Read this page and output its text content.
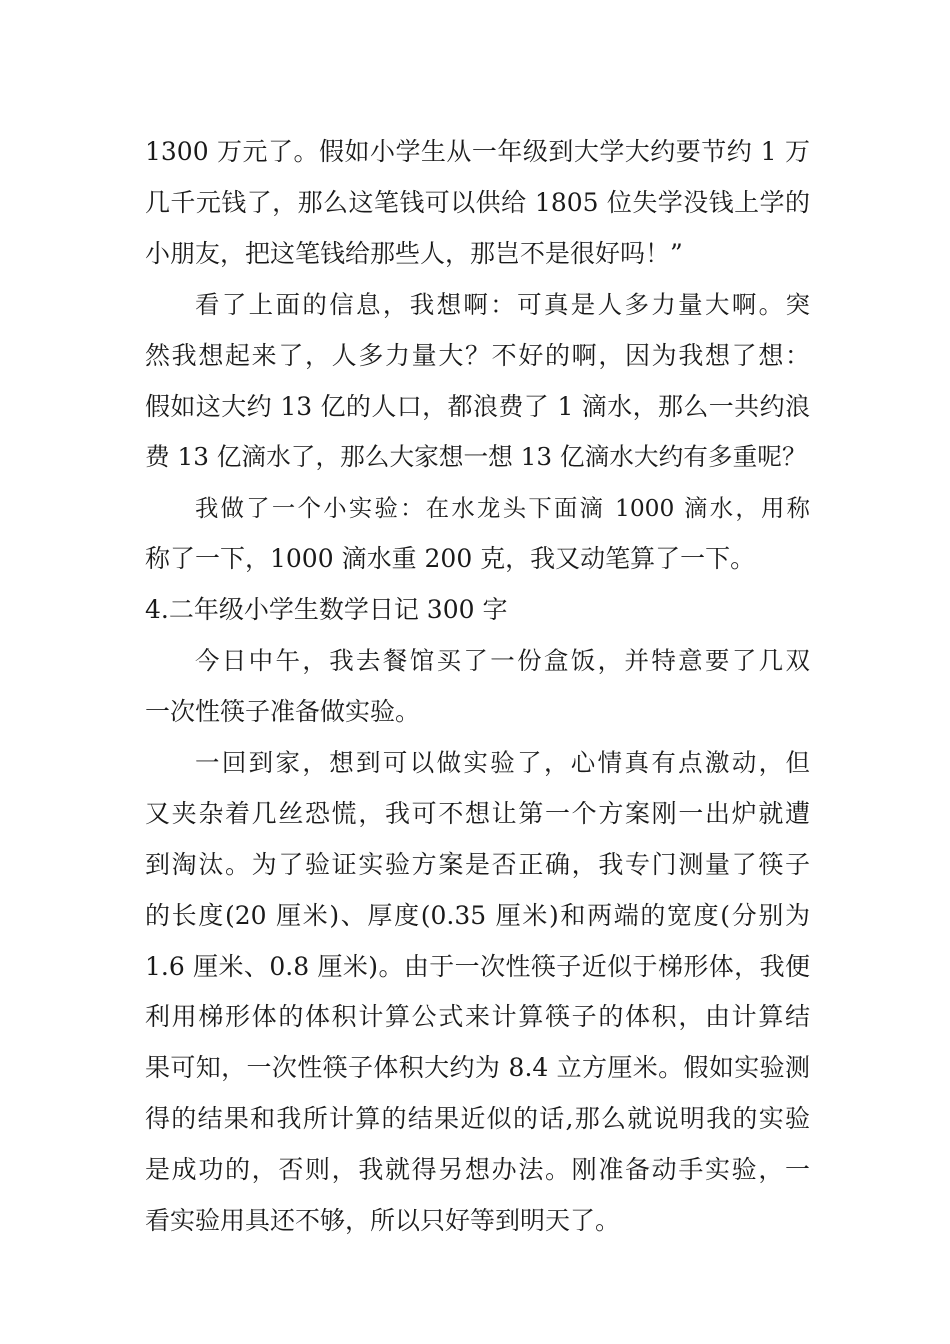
1300 万元了。假如小学生从一年级到大学大约要节约 1 万
几千元钱了，那么这笔钱可以供给 1805 位失学没钱上学的
小朋友，把这笔钱给那些人，那岂不是很好吗！”

看了上面的信息，我想啊：可真是人多力量大啊。突
然我想起来了，人多力量大？不好的啊，因为我想了想：
假如这大约 13 亿的人口，都浪费了 1 滴水，那么一共约浪
费 13 亿滴水了，那么大家想一想 13 亿滴水大约有多重呢？

我做了一个小实验：在水龙头下面滴 1000 滴水，用称
称了一下，1000 滴水重 200 克，我又动笔算了一下。

4.二年级小学生数学日记 300 字

今日中午，我去餐馆买了一份盒饭，并特意要了几双
一次性筷子准备做实验。

一回到家，想到可以做实验了，心情真有点激动，但
又夹杂着几丝恐慌，我可不想让第一个方案刚一出炉就遭
到淘汰。为了验证实验方案是否正确，我专门测量了筷子
的长度(20 厘米)、厚度(0.35 厘米)和两端的宽度(分别为
1.6 厘米、0.8 厘米)。由于一次性筷子近似于梯形体，我便
利用梯形体的体积计算公式来计算筷子的体积，由计算结
果可知，一次性筷子体积大约为 8.4 立方厘米。假如实验测
得的结果和我所计算的结果近似的话,那么就说明我的实验
是成功的，否则，我就得另想办法。刚准备动手实验，一
看实验用具还不够，所以只好等到明天了。
